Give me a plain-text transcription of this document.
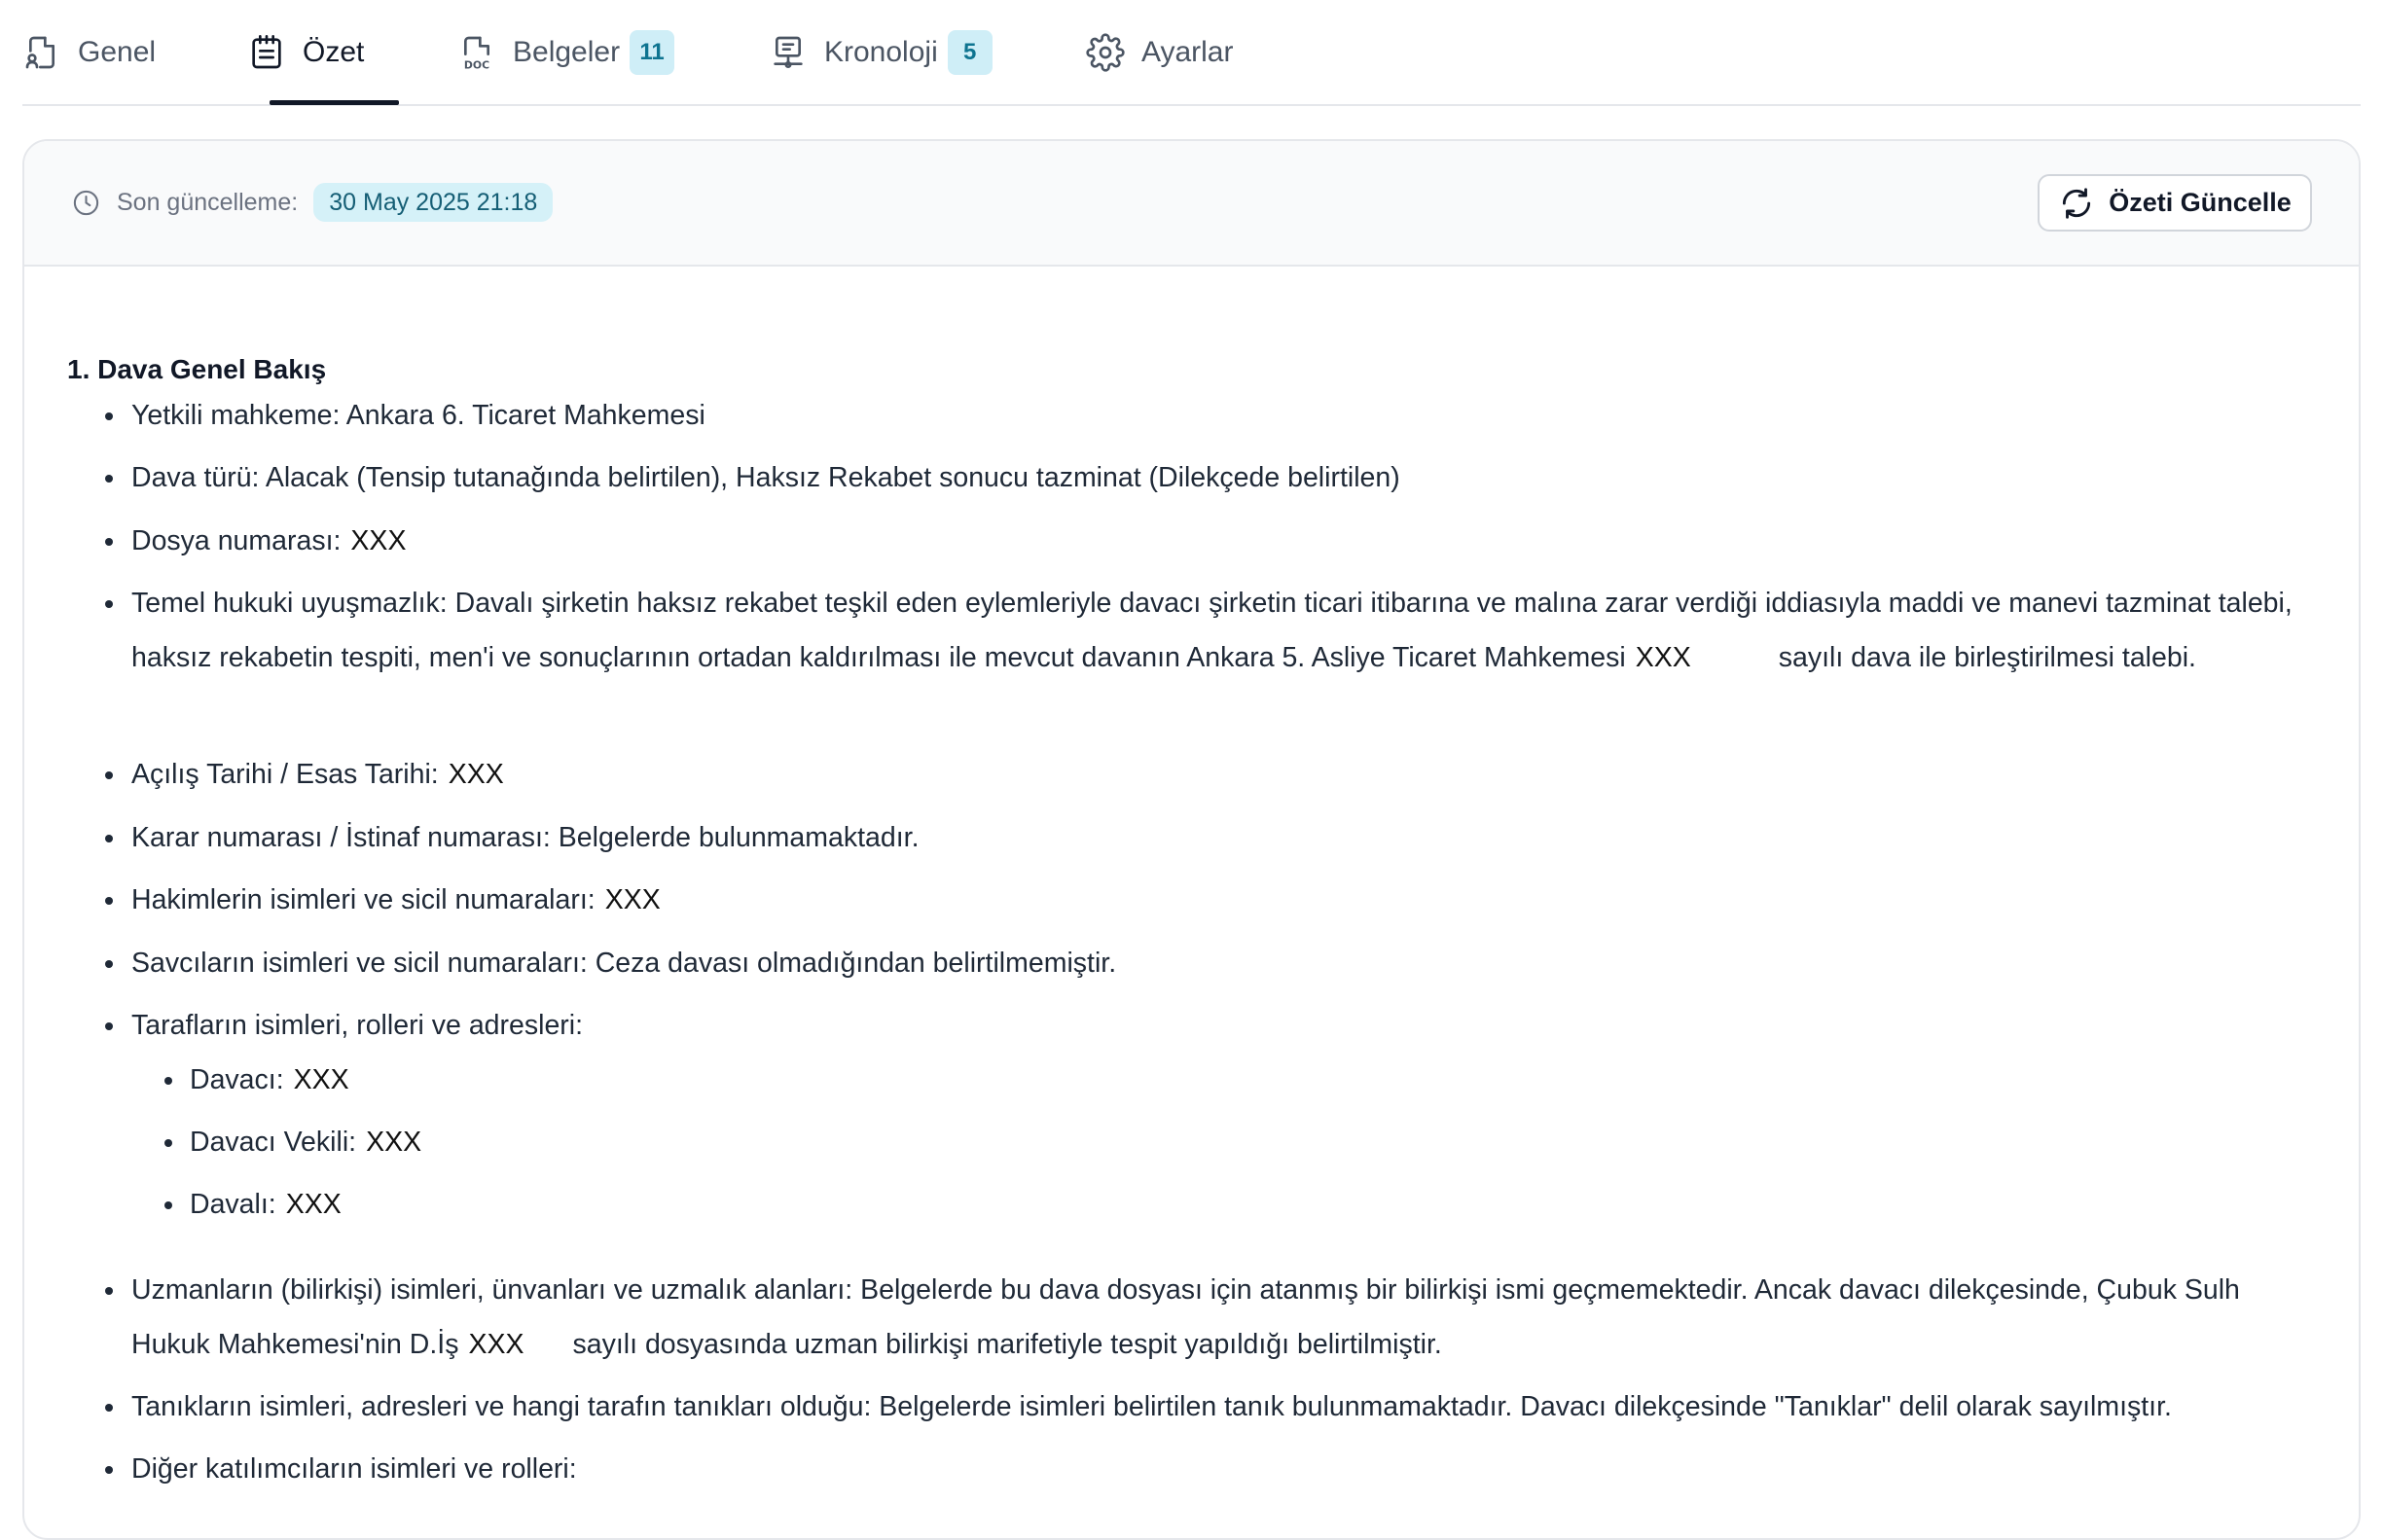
Genel	Özet	DOC Belgeler 11	Kronoloji	5	Ayarlar
Son güncelleme:	30 May 2025 21:18	Özeti Güncelle
1. Dava Genel Bakış
Yetkili mahkeme: Ankara 6. Ticaret Mahkemesi
Dava türü: Alacak (Tensip tutanağında belirtilen), Haksız Rekabet sonucu tazminat (Dilekçede belirtilen)
Dosya numarası: XXX
Temel hukuki uyuşmazlık: Davalı şirketin haksız rekabet teşkil eden eylemleriyle davacı şirketin ticari itibarına ve malına zarar verdiği iddiasıyla maddi ve manevi tazminat talebi, haksız rekabetin tespiti, men'i ve sonuçlarının ortadan kaldırılması ile mevcut davanın Ankara 5. Asliye Ticaret Mahkemesi XXX	sayılı dava ile birleştirilmesi talebi.
Açılış Tarihi / Esas Tarihi: XXX
Karar numarası / İstinaf numarası: Belgelerde bulunmamaktadır.
Hakimlerin isimleri ve sicil numaraları: XXX
Savcıların isimleri ve sicil numaraları: Ceza davası olmadığından belirtilmemiştir.
Tarafların isimleri, rolleri ve adresleri:
Davacı: XXX
Davacı Vekili: XXX
Davalı: XXX
Uzmanların (bilirkişi) isimleri, ünvanları ve uzmalık alanları: Belgelerde bu dava dosyası için atanmış bir bilirkişi ismi geçmemektedir. Ancak davacı dilekçesinde, Çubuk Sulh Hukuk Mahkemesi'nin D.İş XXX sayılı dosyasında uzman bilirkişi marifetiyle tespit yapıldığı belirtilmiştir.
Tanıkların isimleri, adresleri ve hangi tarafın tanıkları olduğu: Belgelerde isimleri belirtilen tanık bulunmamaktadır. Davacı dilekçesinde "Tanıklar" delil olarak sayılmıştır.
Diğer katılımcıların isimleri ve rolleri:
